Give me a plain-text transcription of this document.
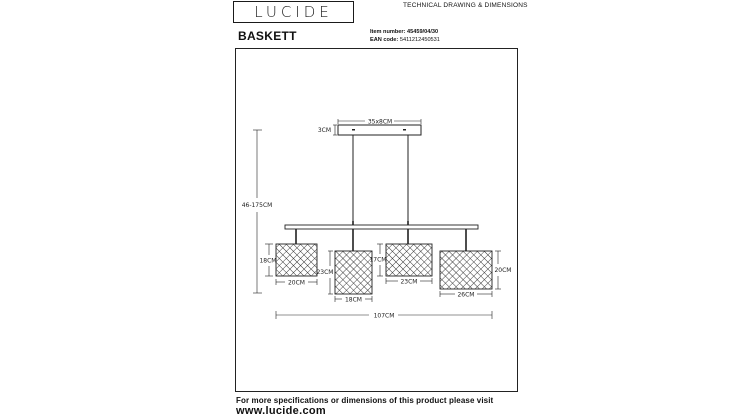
LUCIDE	TECHNICAL DRAWING & DIMENSIONS
BASKETT	Item number: 45459/04/30
EAN code: 5411212450531
35x8CM
3CM
46-175CM
18CM
20CM
23CM
18CM
17CM
23CM
20CM
26CM
107CM
For more specifications or dimensions of this product please visit
www.lucide.com
